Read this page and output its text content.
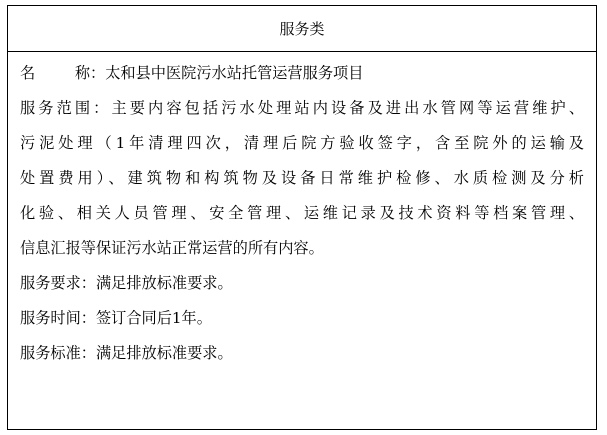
服务类
名　　称：太和县中医院污水站托管运营服务项目
服务范围：主要内容包括污水处理站内设备及进出水管网等运营维护、
污泥处理（1年清理四次，清理后院方验收签字，含至院外的运输及
处置费用）、建筑物和构筑物及设备日常维护检修、水质检测及分析
化验、相关人员管理、安全管理、运维记录及技术资料等档案管理、
信息汇报等保证污水站正常运营的所有内容。
服务要求：满足排放标准要求。
服务时间：签订合同后1年。
服务标准：满足排放标准要求。
